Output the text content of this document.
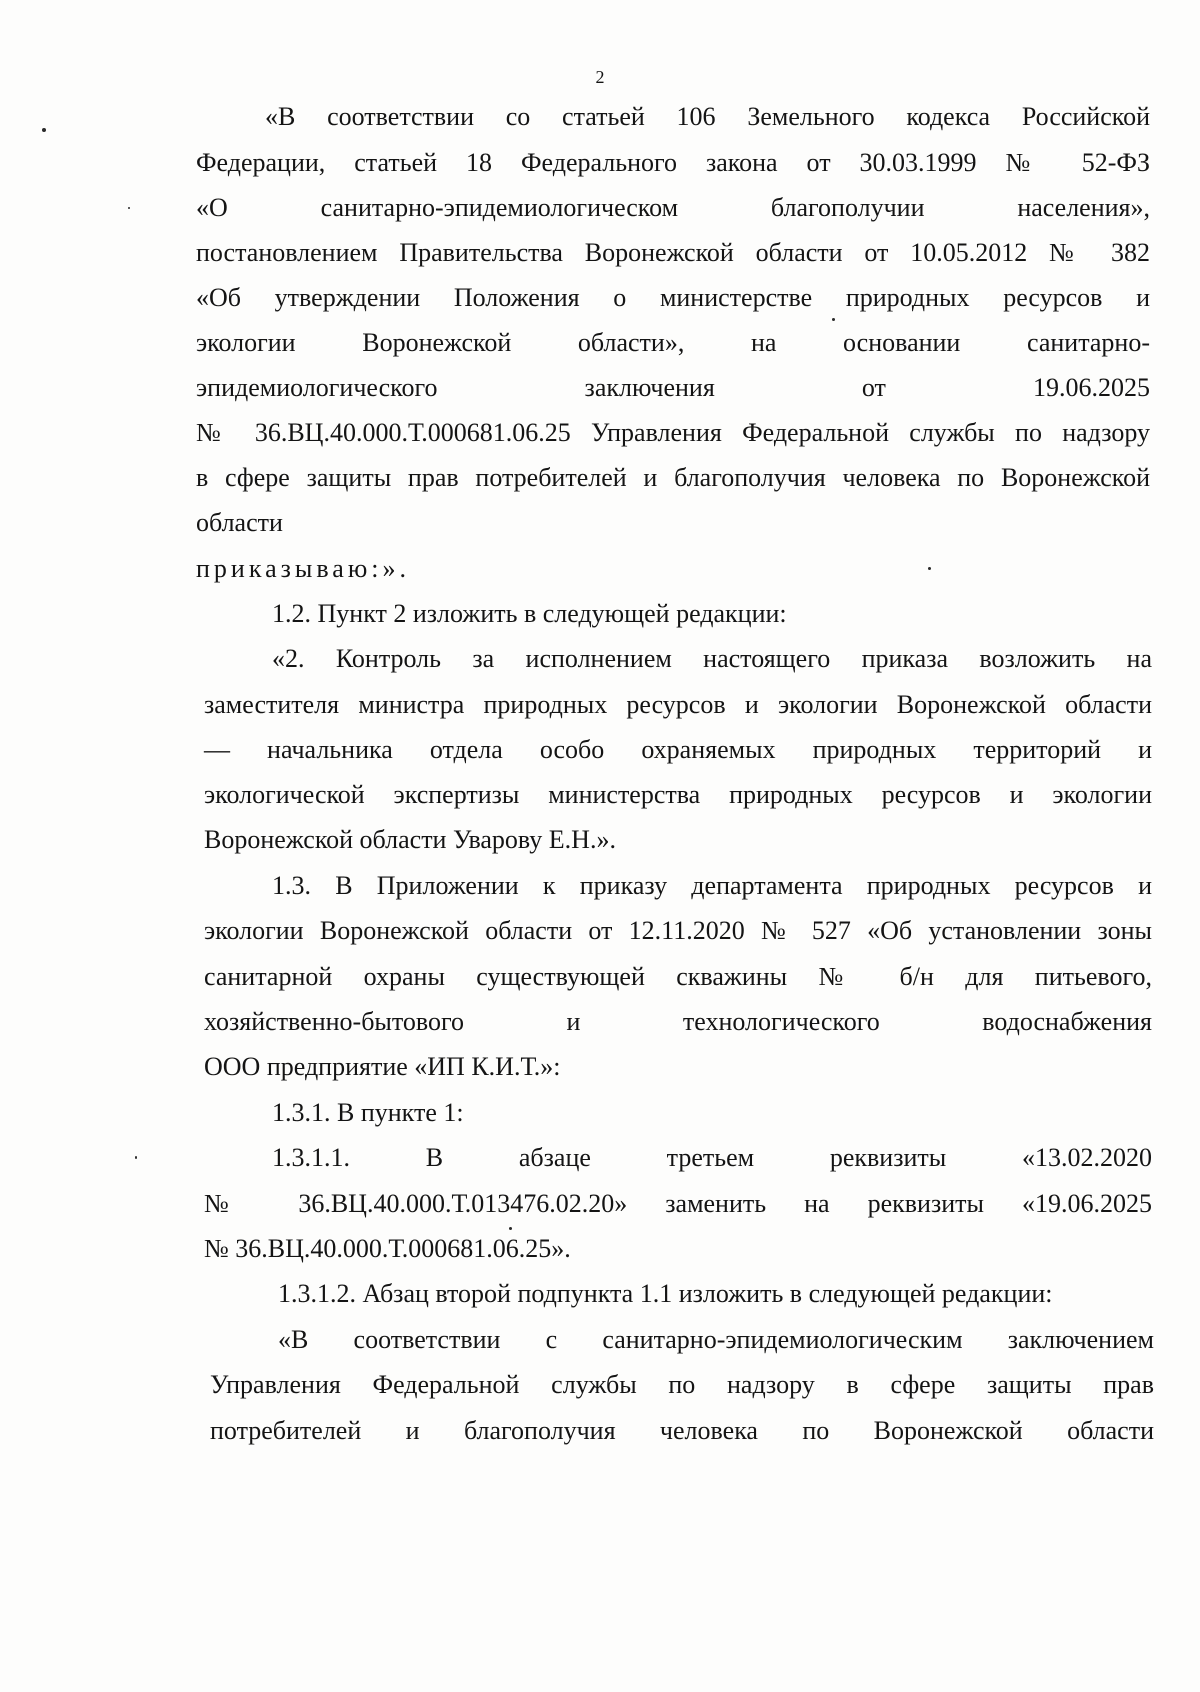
2
«В соответствии со статьей 106 Земельного кодекса Российской
Федерации, статьей 18 Федерального закона от 30.03.1999 № 52-ФЗ
«О санитарно-эпидемиологическом благополучии населения»,
постановлением Правительства Воронежской области от 10.05.2012 № 382
«Об утверждении Положения о министерстве природных ресурсов и
экологии Воронежской области», на основании санитарно-
эпидемиологического заключения от 19.06.2025
№ 36.ВЦ.40.000.Т.000681.06.25 Управления Федеральной службы по надзору
в сфере защиты прав потребителей и благополучия человека по Воронежской
области
приказываю:».
1.2. Пункт 2 изложить в следующей редакции:
«2. Контроль за исполнением настоящего приказа возложить на
заместителя министра природных ресурсов и экологии Воронежской области
— начальника отдела особо охраняемых природных территорий и
экологической экспертизы министерства природных ресурсов и экологии
Воронежской области Уварову Е.Н.».
1.3. В Приложении к приказу департамента природных ресурсов и
экологии Воронежской области от 12.11.2020 № 527 «Об установлении зоны
санитарной охраны существующей скважины № б/н для питьевого,
хозяйственно-бытового и технологического водоснабжения
ООО предприятие «ИП К.И.Т.»:
1.3.1. В пункте 1:
1.3.1.1. В абзаце третьем реквизиты «13.02.2020
№ 36.ВЦ.40.000.Т.013476.02.20» заменить на реквизиты «19.06.2025
№ 36.ВЦ.40.000.Т.000681.06.25».
1.3.1.2. Абзац второй подпункта 1.1 изложить в следующей редакции:
«В соответствии с санитарно-эпидемиологическим заключением
Управления Федеральной службы по надзору в сфере защиты прав
потребителей и благополучия человека по Воронежской области
